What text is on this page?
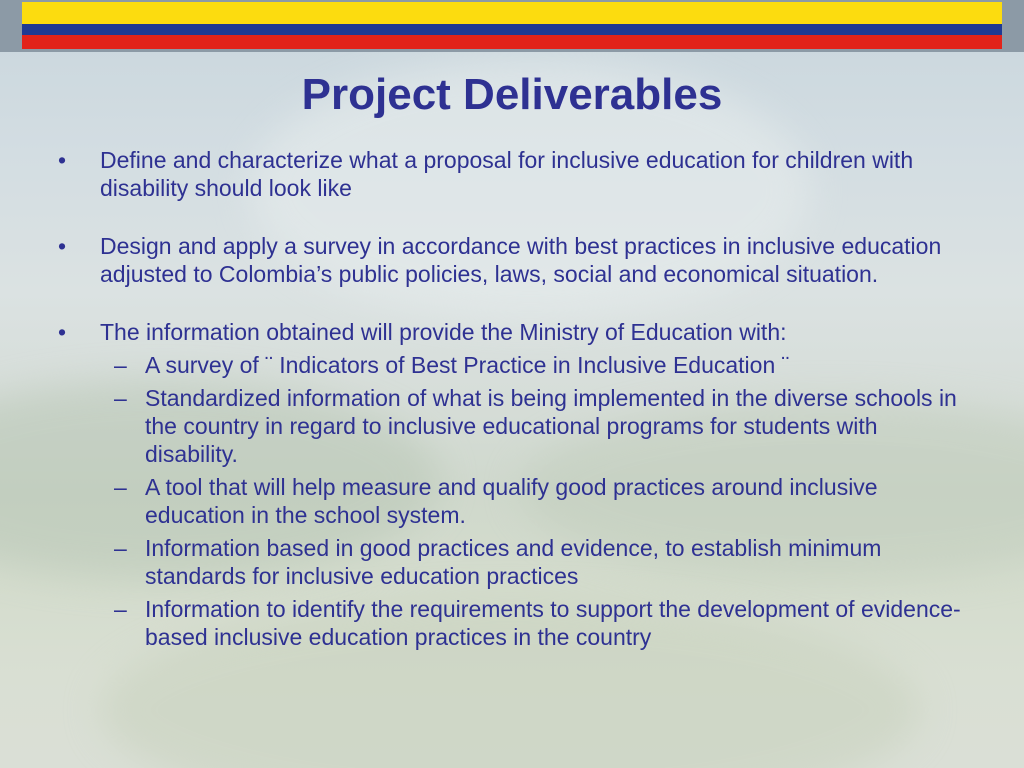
Project Deliverables

• Define and characterize what a proposal for inclusive education for children with disability should look like

• Design and apply a survey in accordance with best practices in inclusive education adjusted to Colombia’s public policies, laws, social and economical situation.

• The information obtained will provide the Ministry of Education with:

– A survey of ¨ Indicators of Best Practice in Inclusive Education ¨

– Standardized information of what is being implemented in the diverse schools in the country in regard to inclusive educational programs for students with disability.

– A tool that will help measure and qualify good practices around inclusive education in the school system.

– Information based in good practices and evidence, to establish minimum standards for inclusive education practices

– Information to identify the requirements to support the development of evidence-based inclusive education practices in the country
